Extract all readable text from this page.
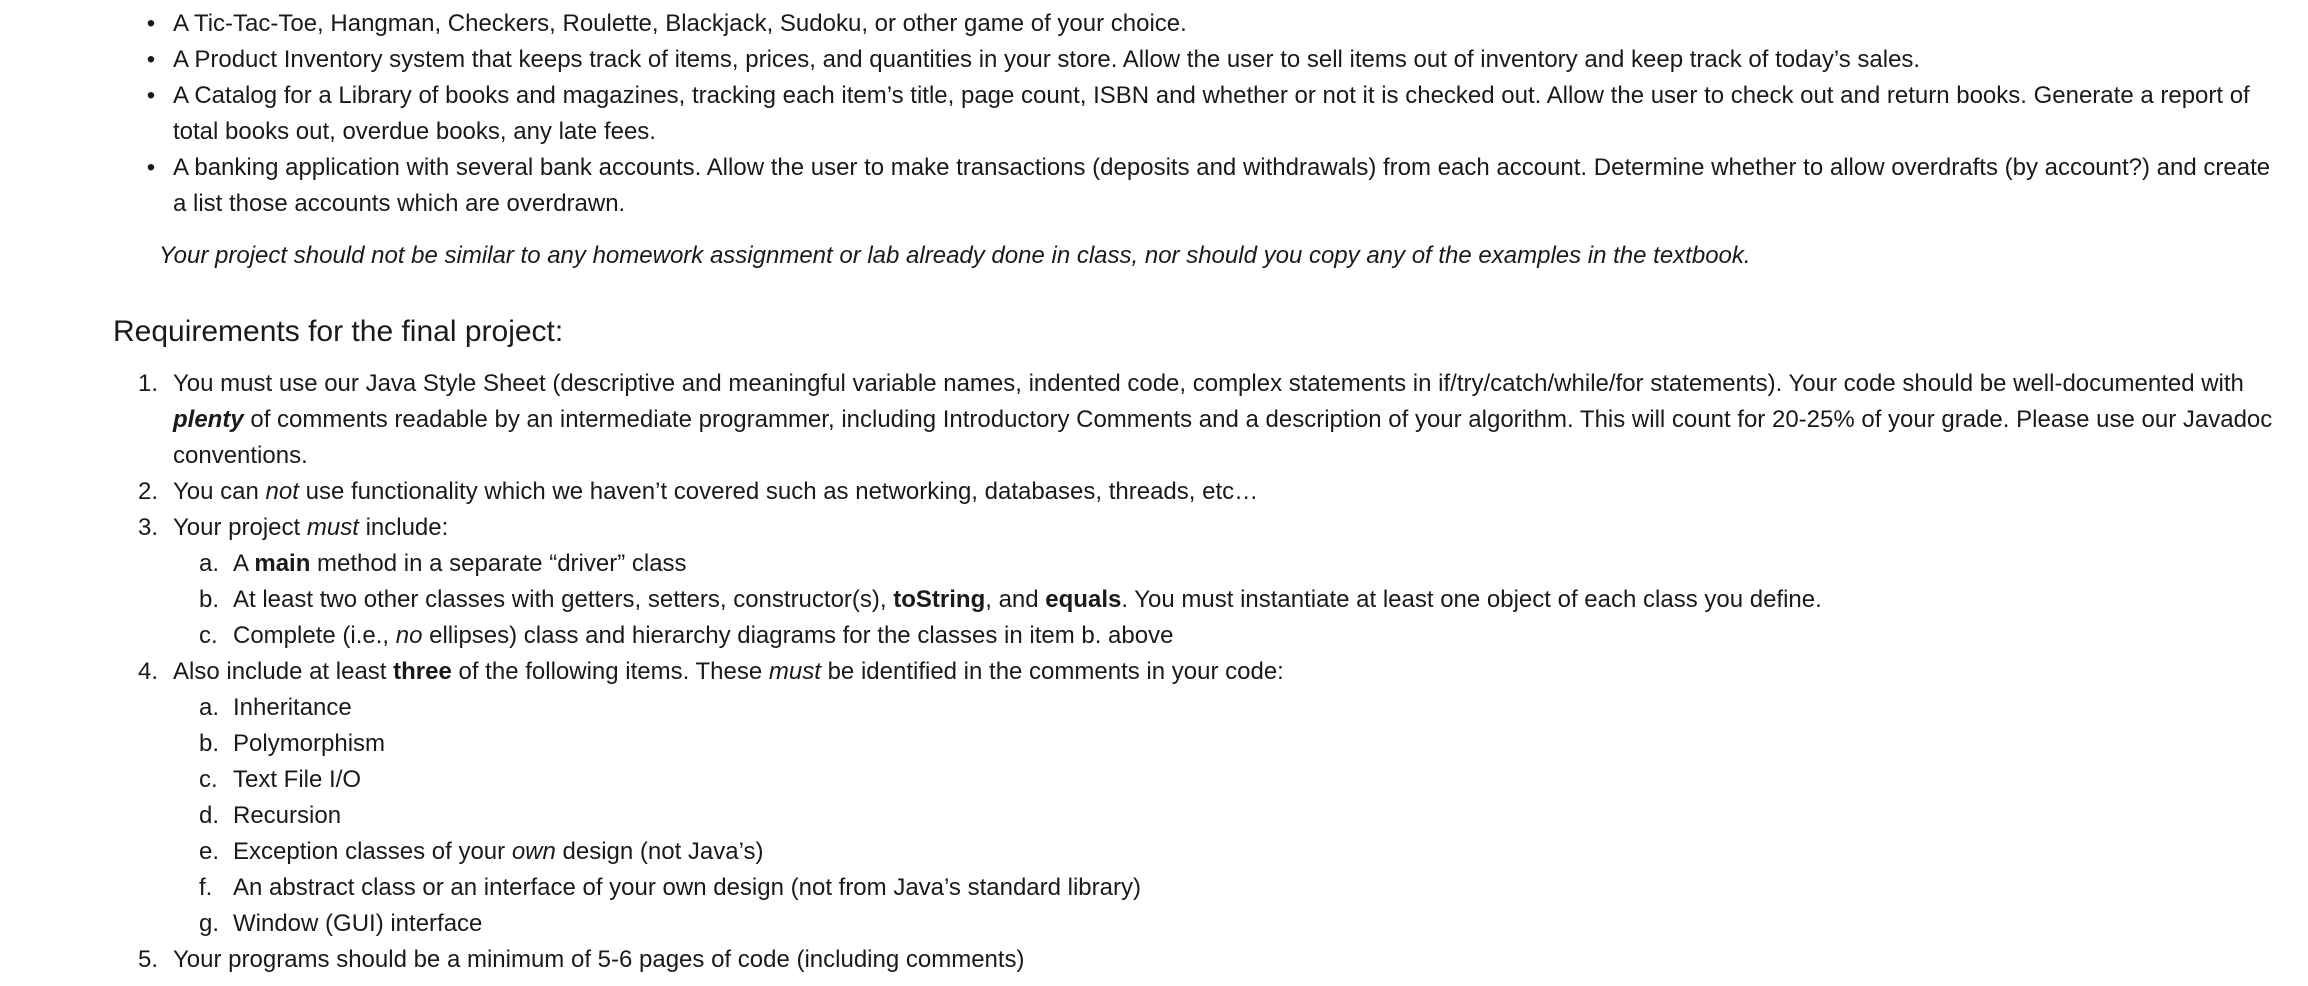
• A Tic-Tac-Toe, Hangman, Checkers, Roulette, Blackjack, Sudoku, or other game of your choice.
• A Product Inventory system that keeps track of items, prices, and quantities in your store. Allow the user to sell items out of inventory and keep track of today’s sales.
• A Catalog for a Library of books and magazines, tracking each item’s title, page count, ISBN and whether or not it is checked out. Allow the user to check out and return books. Generate a report of total books out, overdue books, any late fees.
• A banking application with several bank accounts. Allow the user to make transactions (deposits and withdrawals) from each account. Determine whether to allow overdrafts (by account?) and create a list those accounts which are overdrawn.
Your project should not be similar to any homework assignment or lab already done in class, nor should you copy any of the examples in the textbook.
Requirements for the final project:
1. You must use our Java Style Sheet (descriptive and meaningful variable names, indented code, complex statements in if/try/catch/while/for statements). Your code should be well-documented with plenty of comments readable by an intermediate programmer, including Introductory Comments and a description of your algorithm. This will count for 20-25% of your grade. Please use our Javadoc conventions.
2. You can not use functionality which we haven’t covered such as networking, databases, threads, etc…
3. Your project must include:
a. A main method in a separate “driver” class
b. At least two other classes with getters, setters, constructor(s), toString, and equals. You must instantiate at least one object of each class you define.
c. Complete (i.e., no ellipses) class and hierarchy diagrams for the classes in item b. above
4. Also include at least three of the following items. These must be identified in the comments in your code:
a. Inheritance
b. Polymorphism
c. Text File I/O
d. Recursion
e. Exception classes of your own design (not Java’s)
f. An abstract class or an interface of your own design (not from Java’s standard library)
g. Window (GUI) interface
5. Your programs should be a minimum of 5-6 pages of code (including comments)
